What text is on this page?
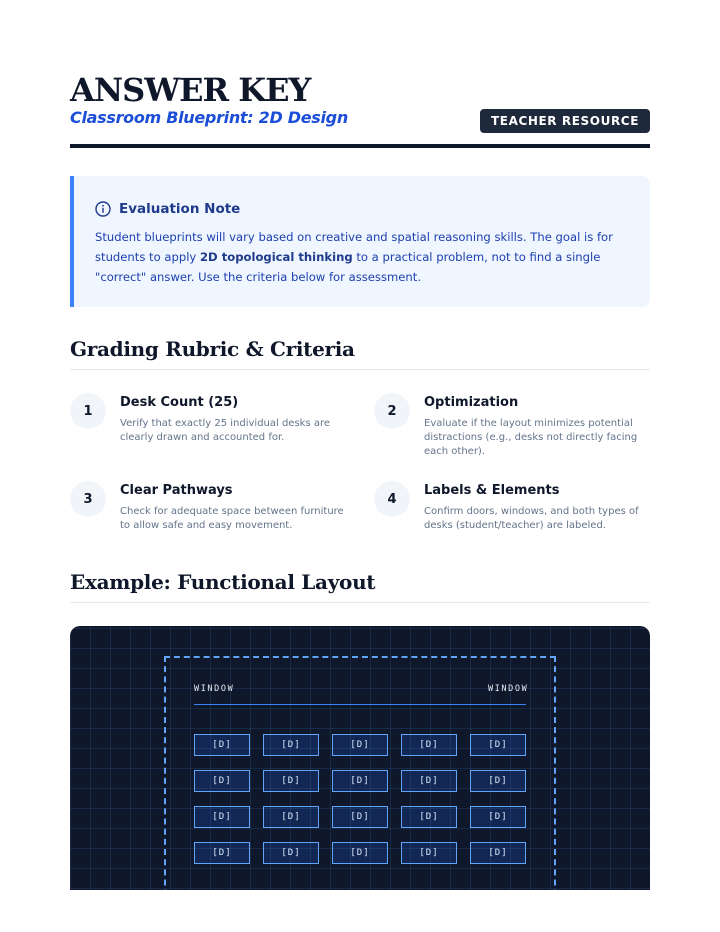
ANSWER KEY
Classroom Blueprint: 2D Design	TEACHER RESOURCE
Evaluation Note
Student blueprints will vary based on creative and spatial reasoning skills. The goal is for students to apply 2D topological thinking to a practical problem, not to find a single "correct" answer. Use the criteria below for assessment.
Grading Rubric & Criteria
1
Desk Count (25)
Verify that exactly 25 individual desks are clearly drawn and accounted for.
2
Optimization
Evaluate if the layout minimizes potential distractions (e.g., desks not directly facing each other).
3
Clear Pathways
Check for adequate space between furniture to allow safe and easy movement.
4
Labels & Elements
Confirm doors, windows, and both types of desks (student/teacher) are labeled.
Example: Functional Layout
WINDOW	WINDOW
[D]	[D]	[D]	[D]	[D]
[D]	[D]	[D]	[D]	[D]
[D]	[D]	[D]	[D]	[D]
[D]	[D]	[D]	[D]	[D]
